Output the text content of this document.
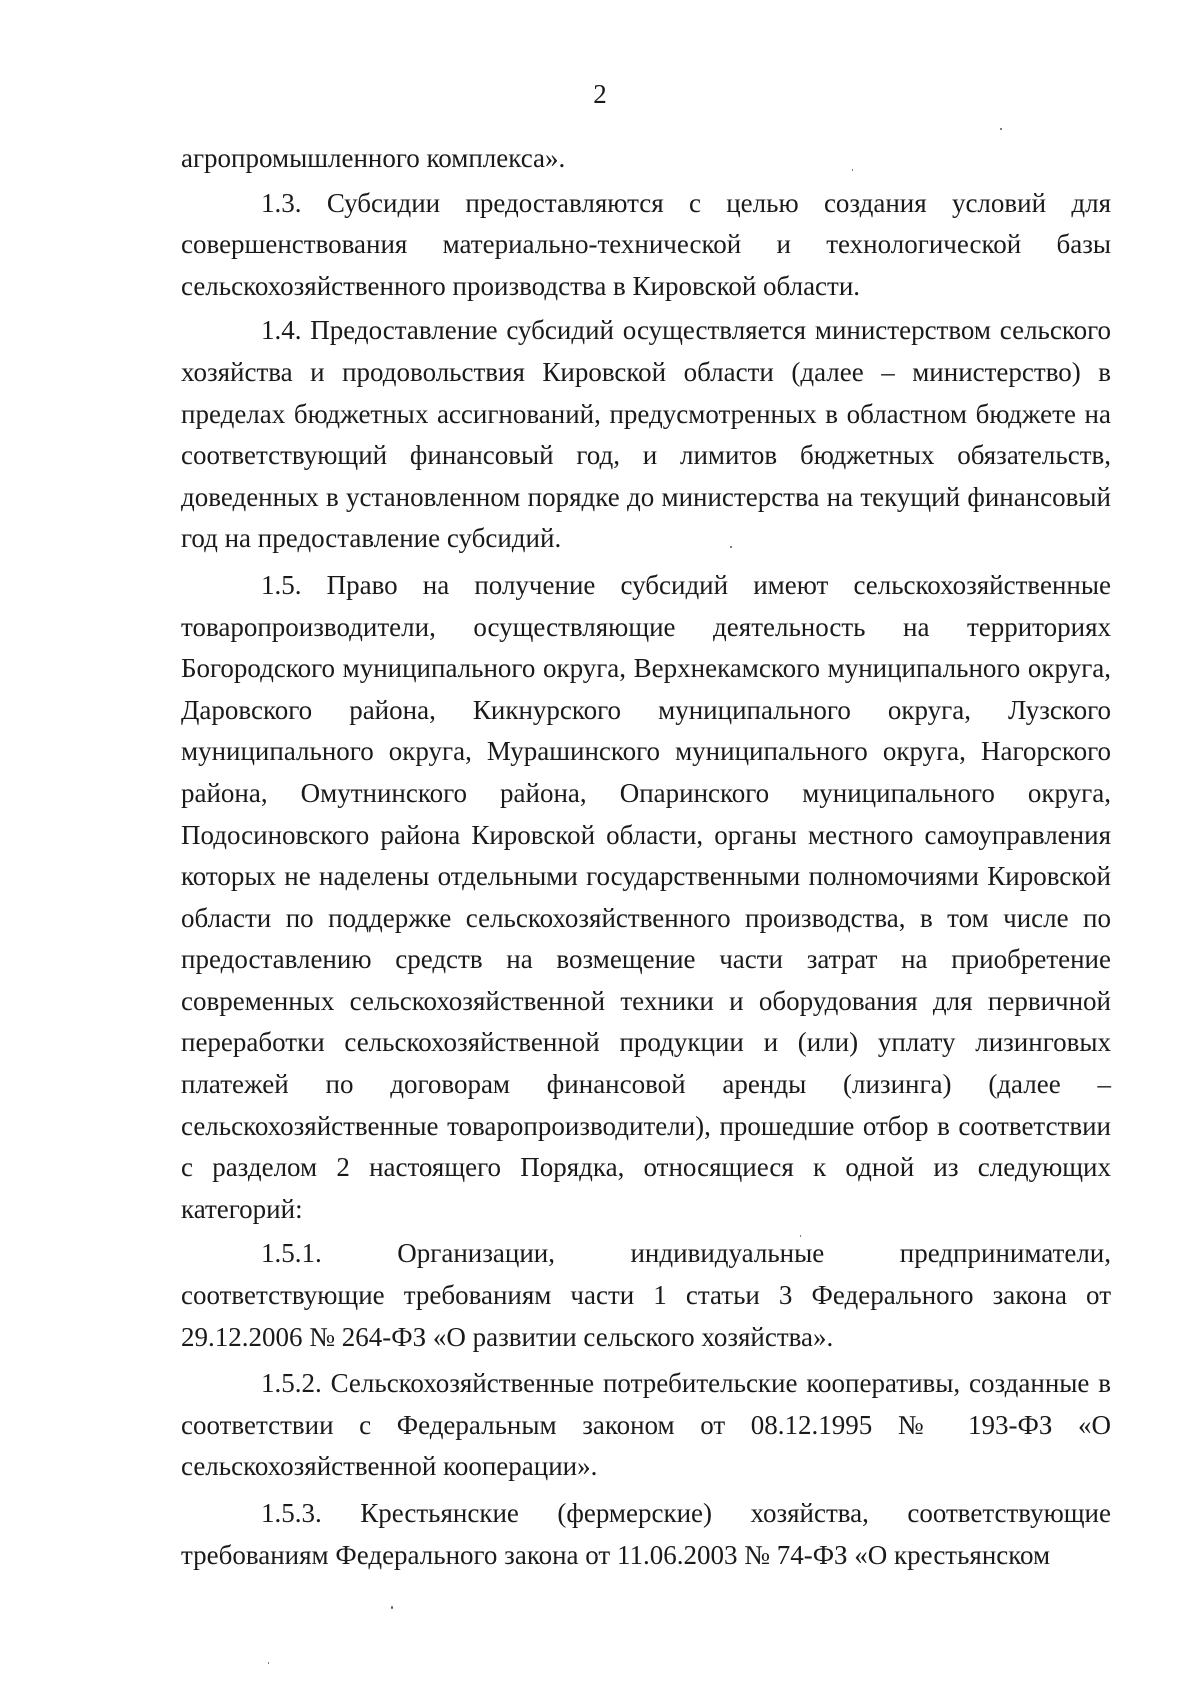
2

агропромышленного комплекса».

1.3. Субсидии предоставляются с целью создания условий для совершенствования материально-технической и технологической базы сельскохозяйственного производства в Кировской области.

1.4. Предоставление субсидий осуществляется министерством сельского хозяйства и продовольствия Кировской области (далее – министерство) в пределах бюджетных ассигнований, предусмотренных в областном бюджете на соответствующий финансовый год, и лимитов бюджетных обязательств, доведенных в установленном порядке до министерства на текущий финансовый год на предоставление субсидий.

1.5. Право на получение субсидий имеют сельскохозяйственные товаропроизводители, осуществляющие деятельность на территориях Богородского муниципального округа, Верхнекамского муниципального округа, Даровского района, Кикнурского муниципального округа, Лузского муниципального округа, Мурашинского муниципального округа, Нагорского района, Омутнинского района, Опаринского муниципального округа, Подосиновского района Кировской области, органы местного самоуправления которых не наделены отдельными государственными полномочиями Кировской области по поддержке сельскохозяйственного производства, в том числе по предоставлению средств на возмещение части затрат на приобретение современных сельскохозяйственной техники и оборудования для первичной переработки сельскохозяйственной продукции и (или) уплату лизинговых платежей по договорам финансовой аренды (лизинга) (далее – сельскохозяйственные товаропроизводители), прошедшие отбор в соответствии с разделом 2 настоящего Порядка, относящиеся к одной из следующих категорий:

1.5.1. Организации, индивидуальные предприниматели, соответствующие требованиям части 1 статьи 3 Федерального закона от 29.12.2006 № 264-ФЗ «О развитии сельского хозяйства».

1.5.2. Сельскохозяйственные потребительские кооперативы, созданные в соответствии с Федеральным законом от 08.12.1995 № 193-ФЗ «О сельскохозяйственной кооперации».

1.5.3. Крестьянские (фермерские) хозяйства, соответствующие требованиям Федерального закона от 11.06.2003 № 74-ФЗ «О крестьянском
